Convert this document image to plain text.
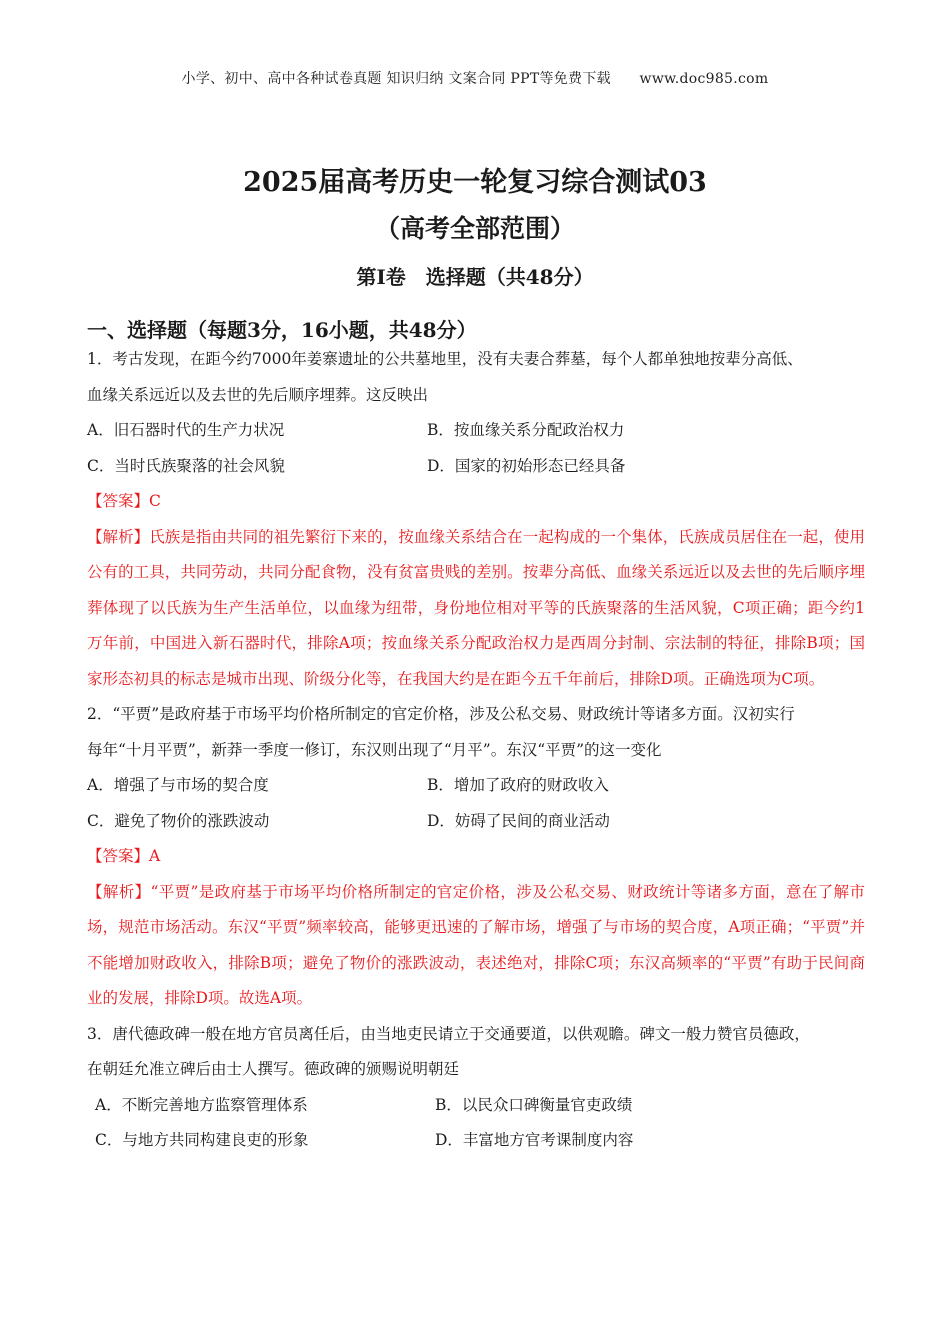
小学、初中、高中各种试卷真题 知识归纳 文案合同 PPT等免费下载　　www.doc985.com
2025届高考历史一轮复习综合测试03
（高考全部范围）
第Ⅰ卷　选择题（共48分）
一、选择题（每题3分，16小题，共48分）
1．考古发现，在距今约7000年姜寨遗址的公共墓地里，没有夫妻合葬墓，每个人都单独地按辈分高低、
血缘关系远近以及去世的先后顺序埋葬。这反映出
A．旧石器时代的生产力状况	B．按血缘关系分配政治权力
C．当时氏族聚落的社会风貌	D．国家的初始形态已经具备
【答案】C
【解析】氏族是指由共同的祖先繁衍下来的，按血缘关系结合在一起构成的一个集体，氏族成员居住在一起，使用公有的工具，共同劳动，共同分配食物，没有贫富贵贱的差别。按辈分高低、血缘关系远近以及去世的先后顺序埋葬体现了以氏族为生产生活单位，以血缘为纽带，身份地位相对平等的氏族聚落的生活风貌，C项正确；距今约1万年前，中国进入新石器时代，排除A项；按血缘关系分配政治权力是西周分封制、宗法制的特征，排除B项；国家形态初具的标志是城市出现、阶级分化等，在我国大约是在距今五千年前后，排除D项。正确选项为C项。
2．“平贾”是政府基于市场平均价格所制定的官定价格，涉及公私交易、财政统计等诸多方面。汉初实行
每年“十月平贾”，新莽一季度一修订，东汉则出现了“月平”。东汉“平贾”的这一变化
A．增强了与市场的契合度	B．增加了政府的财政收入
C．避免了物价的涨跌波动	D．妨碍了民间的商业活动
【答案】A
【解析】“平贾”是政府基于市场平均价格所制定的官定价格，涉及公私交易、财政统计等诸多方面，意在了解市场，规范市场活动。东汉“平贾”频率较高，能够更迅速的了解市场，增强了与市场的契合度，A项正确；“平贾”并不能增加财政收入，排除B项；避免了物价的涨跌波动，表述绝对，排除C项；东汉高频率的“平贾”有助于民间商业的发展，排除D项。故选A项。
3．唐代德政碑一般在地方官员离任后，由当地吏民请立于交通要道，以供观瞻。碑文一般力赞官员德政，
在朝廷允准立碑后由士人撰写。德政碑的颁赐说明朝廷
A．不断完善地方监察管理体系	B．以民众口碑衡量官吏政绩
C．与地方共同构建良吏的形象	D．丰富地方官考课制度内容
